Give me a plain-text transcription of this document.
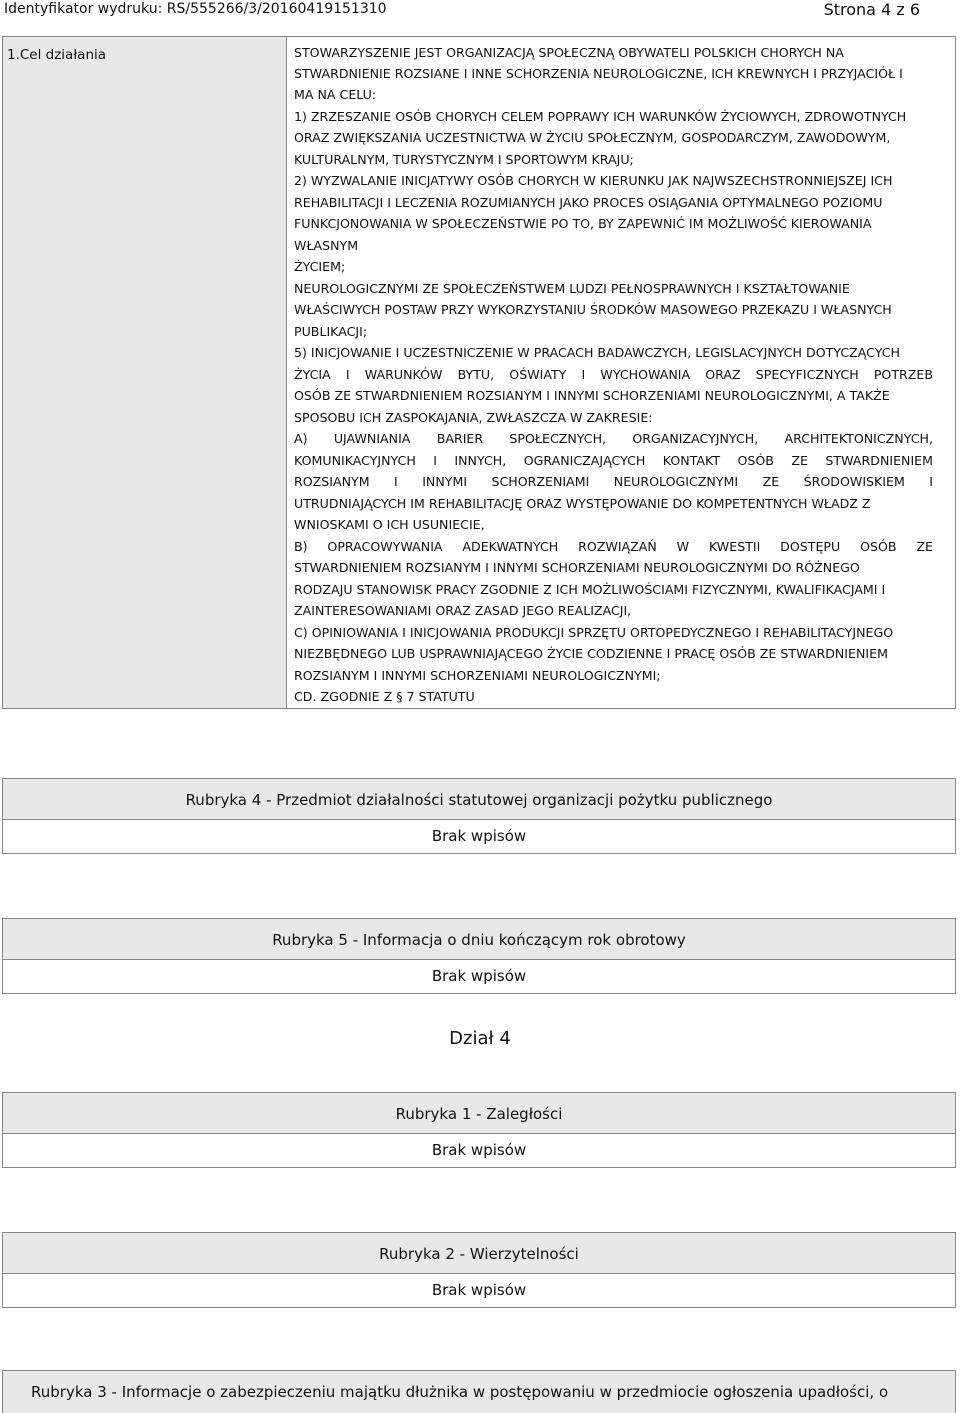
Identyfikator wydruku: RS/555266/3/20160419151310	Strona 4 z 6
1.Cel działania	STOWARZYSZENIE JEST ORGANIZACJĄ SPOŁECZNĄ OBYWATELI POLSKICH CHORYCH NA
STWARDNIENIE ROZSIANE I INNE SCHORZENIA NEUROLOGICZNE, ICH KREWNYCH I PRZYJACIÓŁ I
MA NA CELU:
1) ZRZESZANIE OSÓB CHORYCH CELEM POPRAWY ICH WARUNKÓW ŻYCIOWYCH, ZDROWOTNYCH
ORAZ ZWIĘKSZANIA UCZESTNICTWA W ŻYCIU SPOŁECZNYM, GOSPODARCZYM, ZAWODOWYM,
KULTURALNYM, TURYSTYCZNYM I SPORTOWYM KRAJU;
2) WYZWALANIE INICJATYWY OSÓB CHORYCH W KIERUNKU JAK NAJWSZECHSTRONNIEJSZEJ ICH
REHABILITACJI I LECZENIA ROZUMIANYCH JAKO PROCES OSIĄGANIA OPTYMALNEGO POZIOMU
FUNKCJONOWANIA W SPOŁECZEŃSTWIE PO TO, BY ZAPEWNIĆ IM MOŻLIWOŚĆ KIEROWANIA
WŁASNYM
ŻYCIEM;
NEUROLOGICZNYMI ZE SPOŁECZEŃSTWEM LUDZI PEŁNOSPRAWNYCH I KSZTAŁTOWANIE
WŁAŚCIWYCH POSTAW PRZY WYKORZYSTANIU ŚRODKÓW MASOWEGO PRZEKAZU I WŁASNYCH
PUBLIKACJI;
5) INICJOWANIE I UCZESTNICZENIE W PRACACH BADAWCZYCH, LEGISLACYJNYCH DOTYCZĄCYCH
ŻYCIA I WARUNKÓW BYTU, OŚWIATY I WYCHOWANIA ORAZ SPECYFICZNYCH POTRZEB
OSÓB ZE STWARDNIENIEM ROZSIANYM I INNYMI SCHORZENIAMI NEUROLOGICZNYMI, A TAKŻE
SPOSOBU ICH ZASPOKAJANIA, ZWŁASZCZA W ZAKRESIE:
A) UJAWNIANIA BARIER SPOŁECZNYCH, ORGANIZACYJNYCH, ARCHITEKTONICZNYCH,
KOMUNIKACYJNYCH I INNYCH, OGRANICZAJĄCYCH KONTAKT OSÓB ZE STWARDNIENIEM
ROZSIANYM I INNYMI SCHORZENIAMI NEUROLOGICZNYMI ZE ŚRODOWISKIEM I
UTRUDNIAJĄCYCH IM REHABILITACJĘ ORAZ WYSTĘPOWANIE DO KOMPETENTNYCH WŁADZ Z
WNIOSKAMI O ICH USUNIECIE,
B) OPRACOWYWANIA ADEKWATNYCH ROZWIĄZAŃ W KWESTII DOSTĘPU OSÓB ZE
STWARDNIENIEM ROZSIANYM I INNYMI SCHORZENIAMI NEUROLOGICZNYMI DO RÓŻNEGO
RODZAJU STANOWISK PRACY ZGODNIE Z ICH MOŻLIWOŚCIAMI FIZYCZNYMI, KWALIFIKACJAMI I
ZAINTERESOWANIAMI ORAZ ZASAD JEGO REALIZACJI,
C) OPINIOWANIA I INICJOWANIA PRODUKCJI SPRZĘTU ORTOPEDYCZNEGO I REHABILITACYJNEGO
NIEZBĘDNEGO LUB USPRAWNIAJĄCEGO ŻYCIE CODZIENNE I PRACĘ OSÓB ZE STWARDNIENIEM
ROZSIANYM I INNYMI SCHORZENIAMI NEUROLOGICZNYMI;
CD. ZGODNIE Z § 7 STATUTU
Rubryka 4 - Przedmiot działalności statutowej organizacji pożytku publicznego
Brak wpisów
Rubryka 5 - Informacja o dniu kończącym rok obrotowy
Brak wpisów
Dział 4
Rubryka 1 - Zaległości
Brak wpisów
Rubryka 2 - Wierzytelności
Brak wpisów
Rubryka 3 - Informacje o zabezpieczeniu majątku dłużnika w postępowaniu w przedmiocie ogłoszenia upadłości, o
